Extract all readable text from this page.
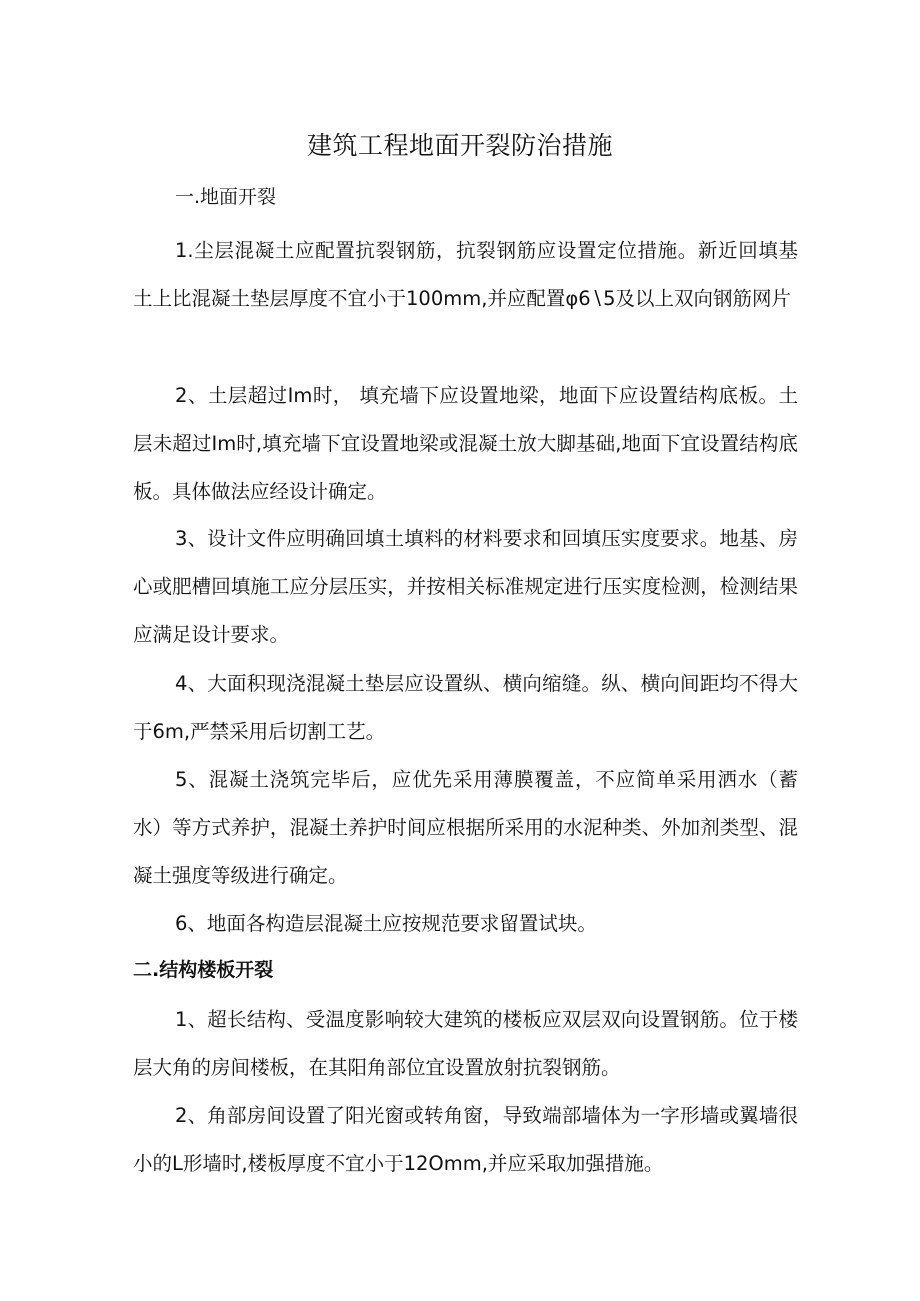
建筑工程地面开裂防治措施
一.地面开裂

1.尘层混凝土应配置抗裂钢筋，抗裂钢筋应设置定位措施。新近回填基土上比混凝土垫层厚度不宜小于100mm,并应配置φ6∖5及以上双向钢筋网片

2、土层超过Im时， 填充墙下应设置地梁，地面下应设置结构底板。土层未超过Im时,填充墙下宜设置地梁或混凝土放大脚基础,地面下宜设置结构底板。具体做法应经设计确定。

3、设计文件应明确回填土填料的材料要求和回填压实度要求。地基、房心或肥槽回填施工应分层压实，并按相关标准规定进行压实度检测，检测结果应满足设计要求。

4、大面积现浇混凝土垫层应设置纵、横向缩缝。纵、横向间距均不得大于6m,严禁采用后切割工艺。

5、混凝土浇筑完毕后，应优先采用薄膜覆盖，不应简单采用洒水（蓄水）等方式养护，混凝土养护时间应根据所采用的水泥种类、外加剂类型、混凝土强度等级进行确定。

6、地面各构造层混凝土应按规范要求留置试块。

二.结构楼板开裂

1、超长结构、受温度影响较大建筑的楼板应双层双向设置钢筋。位于楼层大角的房间楼板，在其阳角部位宜设置放射抗裂钢筋。

2、角部房间设置了阳光窗或转角窗，导致端部墙体为一字形墙或翼墙很小的L形墙时,楼板厚度不宜小于12Omm,并应采取加强措施。
